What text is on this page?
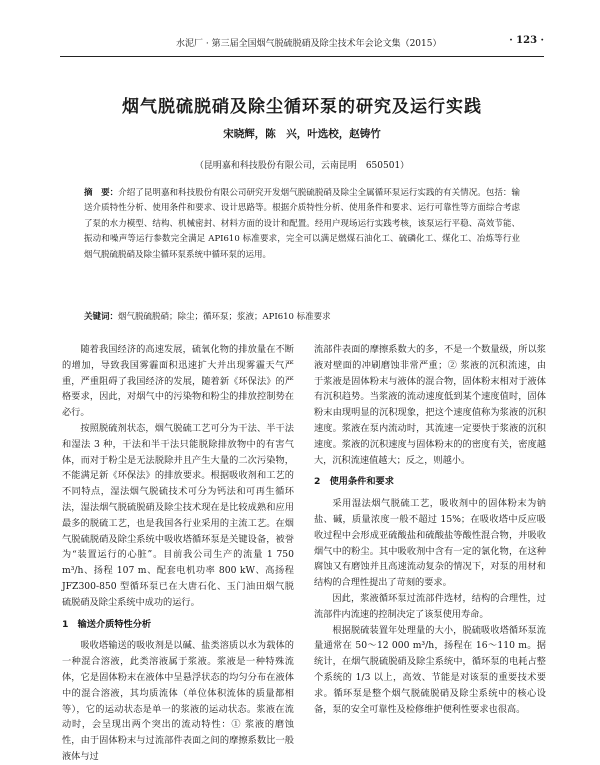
水泥厂 · 第三届全国烟气脱硫脱硝及除尘技术年会论文集（2015）	· 123 ·
烟气脱硫脱硝及除尘循环泵的研究及运行实践
宋晓辉，陈　兴，叶选校，赵铸竹
（昆明嘉和科技股份有限公司，云南昆明　650501）
摘　要：介绍了昆明嘉和科技股份有限公司研究开发烟气脱硫脱硝及除尘全属循环泵运行实践的有关情况。包括：输送介质特性分析、使用条件和要求、设计思路等。根据介质特性分析、使用条件和要求、运行可靠性等方面综合考虑了泵的水力模型、结构、机械密封、材料方面的设计和配置。经用户现场运行实践考核，该泵运行平稳、高效节能、振动和噪声等运行参数完全满足 API610 标准要求，完全可以满足燃煤石油化工、硫磷化工、煤化工、冶炼等行业烟气脱硫脱硝及除尘循环泵系统中循环泵的运用。
关键词：烟气脱硫脱硝；除尘；循环泵；浆液；API610 标准要求

随着我国经济的高速发展，硫氧化物的排放量在不断的增加，导致我国雾霾面积迅速扩大并出现雾霾天气严重，严重阻碍了我国经济的发展，随着新《环保法》的严格要求，因此，对烟气中的污染物和粉尘的排放控制势在必行。

按照脱硫剂状态，烟气脱硫工艺可分为干法、半干法和湿法 3 种，干法和半干法只能脱除排放物中的有害气体，而对于粉尘是无法脱除并且产生大量的二次污染物，不能满足新《环保法》的排放要求。根据吸收剂和工艺的不同特点，湿法烟气脱硫技术可分为钙法和可再生循环法，湿法烟气脱硫脱硝及除尘技术现在是比较成熟和应用最多的脱硫工艺，也是我国各行业采用的主流工艺。在烟气脱硫脱硝及除尘系统中吸收塔循环泵是关键设备，被誉为“装置运行的心脏”。目前我公司生产的流量 1 750 m³/h、扬程 107 m、配套电机功率 800 kW、高扬程 JFZ300-850 型循环泵已在大唐石化、玉门油田烟气脱硫脱硝及除尘系统中成功的运行。

1　输送介质特性分析

吸收塔输送的吸收剂是以碱、盐类溶质以水为载体的一种混合溶液，此类溶液属于浆液。浆液是一种特殊流体，它是固体粉末在液体中呈悬浮状态的均匀分布在液体中的混合溶液，其均质流体（单位体积流体的质量都相等），它的运动状态是单一的浆液的运动状态。浆液在流动时，会呈现出两个突出的流动特性：① 浆液的磨蚀性，由于固体粉末与过流部件表面之间的摩擦系数比一般液体与过

流部件表面的摩擦系数大的多，不是一个数量级，所以浆液对壁面的冲刷磨蚀非常严重；② 浆液的沉积流速，由于浆液是固体粉末与液体的混合物，固体粉末相对于液体有沉积趋势。当浆液的流动速度低到某个速度值时，固体粉末由现明显的沉积现象，把这个速度值称为浆液的沉积速度。浆液在泵内流动时，其流速一定要快于浆液的沉积速度。浆液的沉积速度与固体粉末的的密度有关，密度越大，沉积流速值越大；反之，则越小。

2　使用条件和要求

采用湿法烟气脱硫工艺，吸收剂中的固体粉末为钠盐、碱，质量浓度一般不超过 15%；在吸收塔中反应吸收过程中会形成亚硫酸盐和硫酸盐等酸性混合物，并吸收烟气中的粉尘。其中吸收剂中含有一定的氯化物，在这种腐蚀又有磨蚀并且高速流动复杂的情况下，对泵的用材和结构的合理性提出了苛刻的要求。

因此，浆液循环泵过流部件选材，结构的合理性，过流部件内流速的控制决定了该泵使用寿命。

根据脱硫装置年处理量的大小，脱硫吸收塔循环泵流量通常在 50～12 000 m³/h，扬程在 16～110 m。据统计，在烟气脱硫脱硝及除尘系统中，循环泵的电耗占整个系统的 1/3 以上，高效、节能是对该泵的重要技术要求。循环泵是整个烟气脱硫脱硝及除尘系统中的核心设备，泵的安全可靠性及检修维护便利性要求也很高。
